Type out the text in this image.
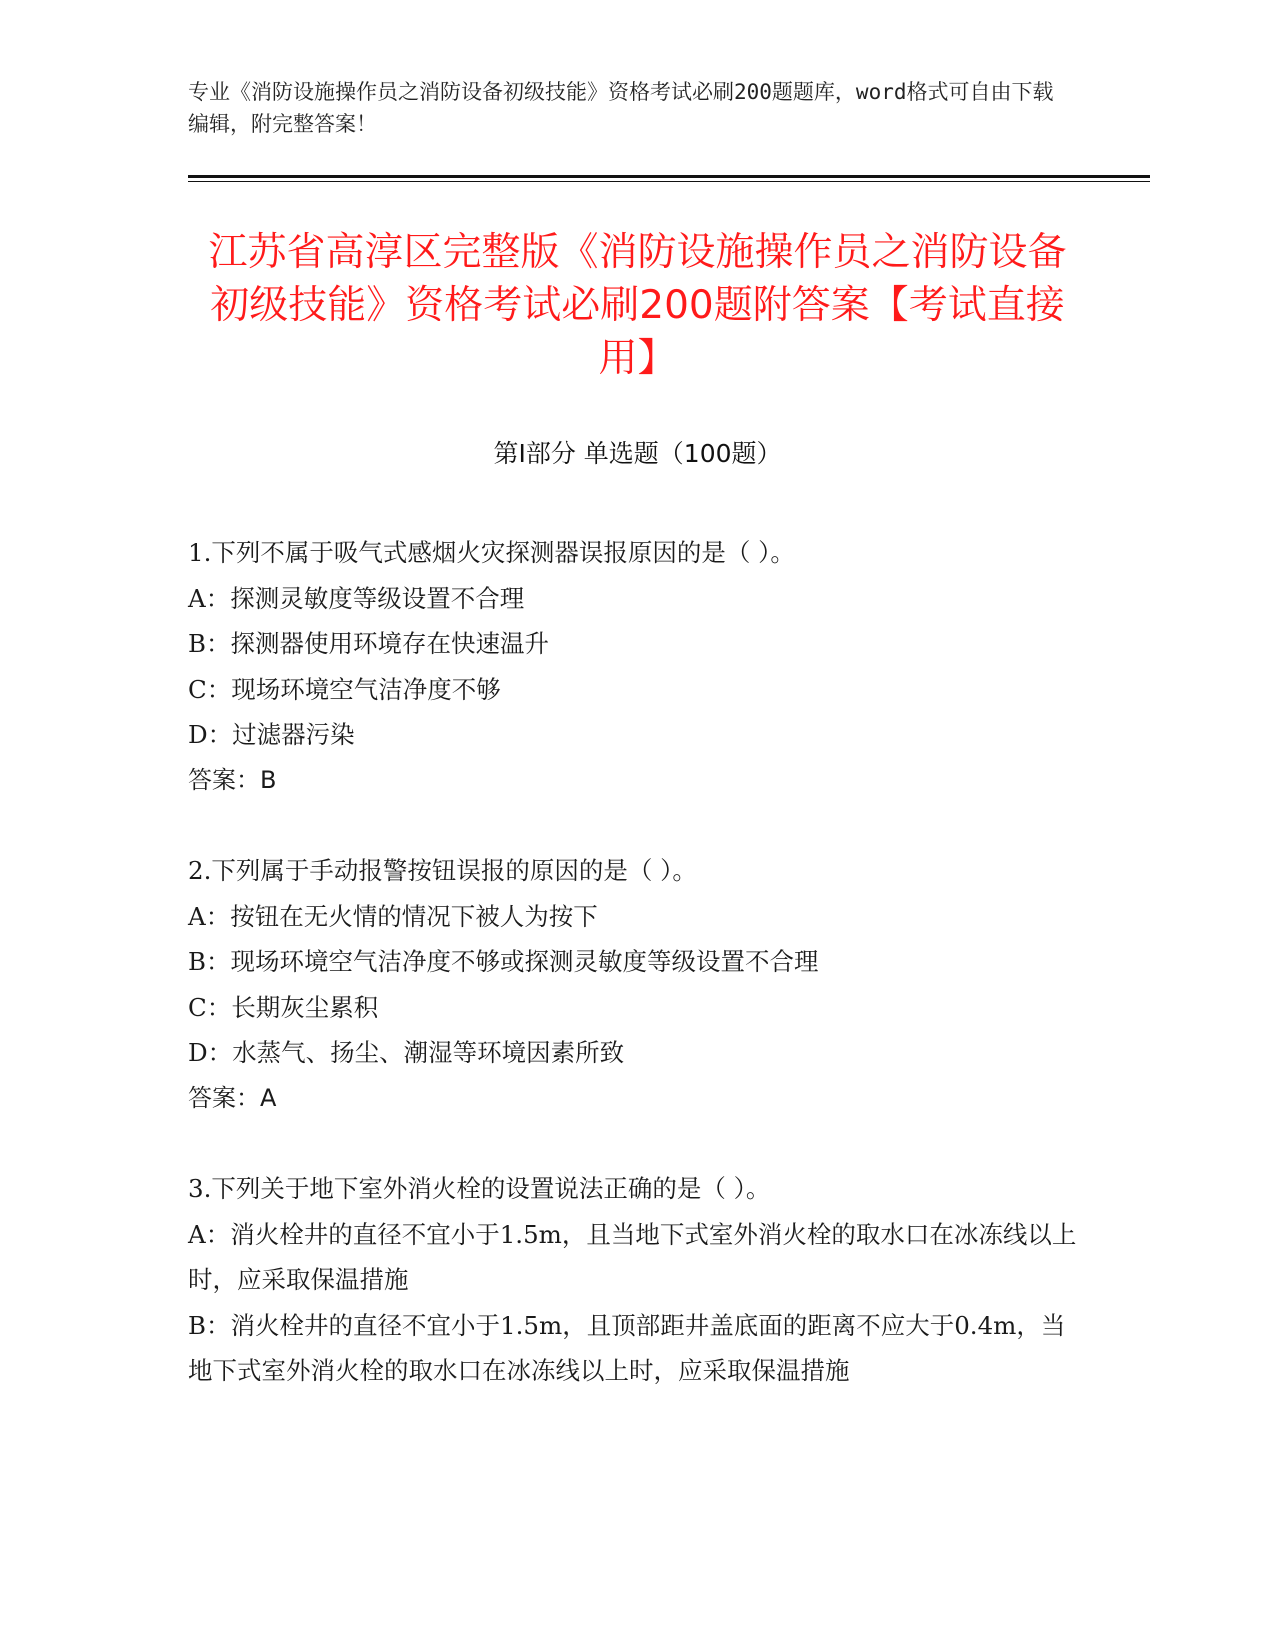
专业《消防设施操作员之消防设备初级技能》资格考试必刷200题题库，word格式可自由下载编辑，附完整答案！
江苏省高淳区完整版《消防设施操作员之消防设备初级技能》资格考试必刷200题附答案【考试直接用】
第Ⅰ部分 单选题（100题）
1.下列不属于吸气式感烟火灾探测器误报原因的是（ ）。
A：探测灵敏度等级设置不合理
B：探测器使用环境存在快速温升
C：现场环境空气洁净度不够
D：过滤器污染
答案：B
2.下列属于手动报警按钮误报的原因的是（ ）。
A：按钮在无火情的情况下被人为按下
B：现场环境空气洁净度不够或探测灵敏度等级设置不合理
C：长期灰尘累积
D：水蒸气、扬尘、潮湿等环境因素所致
答案：A
3.下列关于地下室外消火栓的设置说法正确的是（ ）。
A：消火栓井的直径不宜小于1.5m，且当地下式室外消火栓的取水口在冰冻线以上时，应采取保温措施
B：消火栓井的直径不宜小于1.5m，且顶部距井盖底面的距离不应大于0.4m，当地下式室外消火栓的取水口在冰冻线以上时，应采取保温措施
